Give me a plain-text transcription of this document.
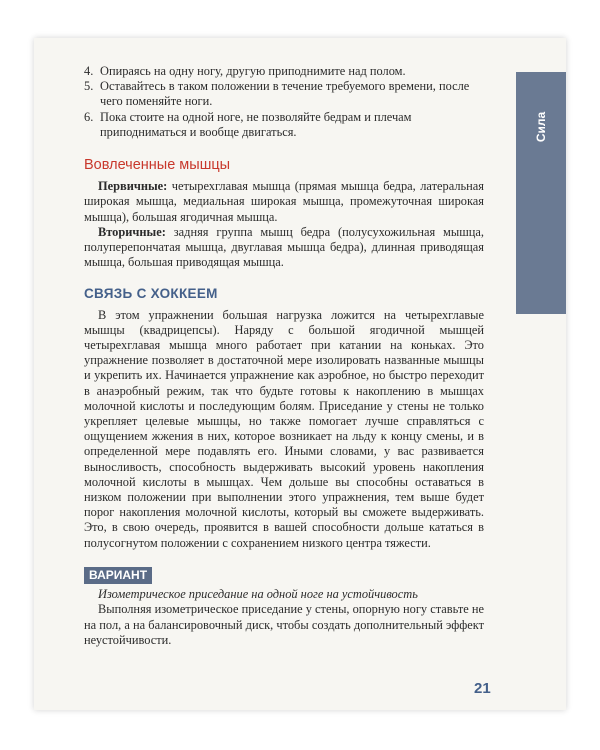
Сила
4. Опираясь на одну ногу, другую приподнимите над полом.
5. Оставайтесь в таком положении в течение требуемого времени, после чего поменяйте ноги.
6. Пока стоите на одной ноге, не позволяйте бедрам и плечам приподниматься и вообще двигаться.
Вовлеченные мышцы

Первичные: четырехглавая мышца (прямая мышца бедра, латеральная широкая мышца, медиальная широкая мышца, промежуточная широкая мышца), большая ягодичная мышца.

Вторичные: задняя группа мышц бедра (полусухожильная мышца, полуперепончатая мышца, двуглавая мышца бедра), длинная приводящая мышца, большая приводящая мышца.

СВЯЗЬ С ХОККЕЕМ

В этом упражнении большая нагрузка ложится на четырехглавые мышцы (квадрицепсы). Наряду с большой ягодичной мышцей четырехглавая мышца много работает при катании на коньках. Это упражнение позволяет в достаточной мере изолировать названные мышцы и укрепить их. Начинается упражнение как аэробное, но быстро переходит в анаэробный режим, так что будьте готовы к накоплению в мышцах молочной кислоты и последующим болям. Приседание у стены не только укрепляет целевые мышцы, но также помогает лучше справляться с ощущением жжения в них, которое возникает на льду к концу смены, и в определенной мере подавлять его. Иными словами, у вас развивается выносливость, способность выдерживать высокий уровень накопления молочной кислоты в мышцах. Чем дольше вы способны оставаться в низком положении при выполнении этого упражнения, тем выше будет порог накопления молочной кислоты, который вы сможете выдерживать. Это, в свою очередь, проявится в вашей способности дольше кататься в полусогнутом положении с сохранением низкого центра тяжести.

ВАРИАНТ

Изометрическое приседание на одной ноге на устойчивость

Выполняя изометрическое приседание у стены, опорную ногу ставьте не на пол, а на балансировочный диск, чтобы создать дополнительный эффект неустойчивости.

21
